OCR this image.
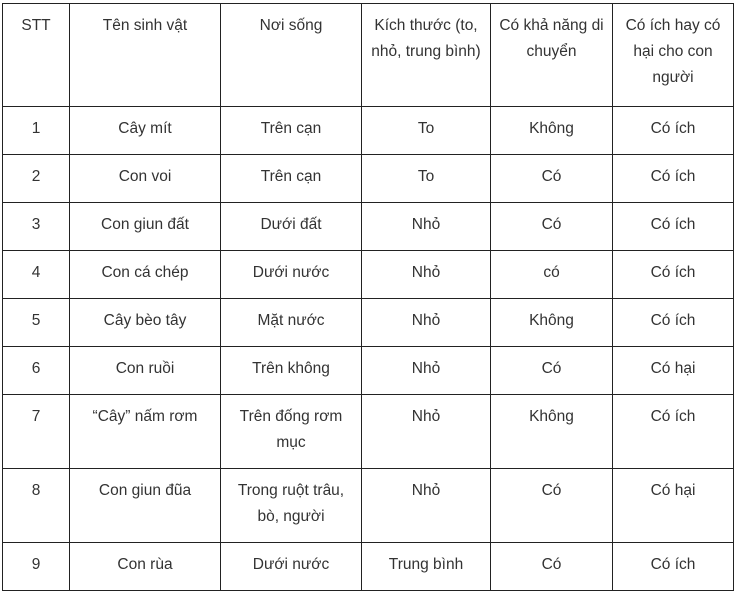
STT	Tên sinh vật	Nơi sống	Kích thước (to, nhỏ, trung bình)	Có khả năng di chuyển	Có ích hay có hại cho con người
1	Cây mít	Trên cạn	To	Không	Có ích
2	Con voi	Trên cạn	To	Có	Có ích
3	Con giun đất	Dưới đất	Nhỏ	Có	Có ích
4	Con cá chép	Dưới nước	Nhỏ	có	Có ích
5	Cây bèo tây	Mặt nước	Nhỏ	Không	Có ích
6	Con ruồi	Trên không	Nhỏ	Có	Có hại
7	“Cây” nấm rơm	Trên đống rơm mục	Nhỏ	Không	Có ích
8	Con giun đũa	Trong ruột trâu, bò, người	Nhỏ	Có	Có hại
9	Con rùa	Dưới nước	Trung bình	Có	Có ích
